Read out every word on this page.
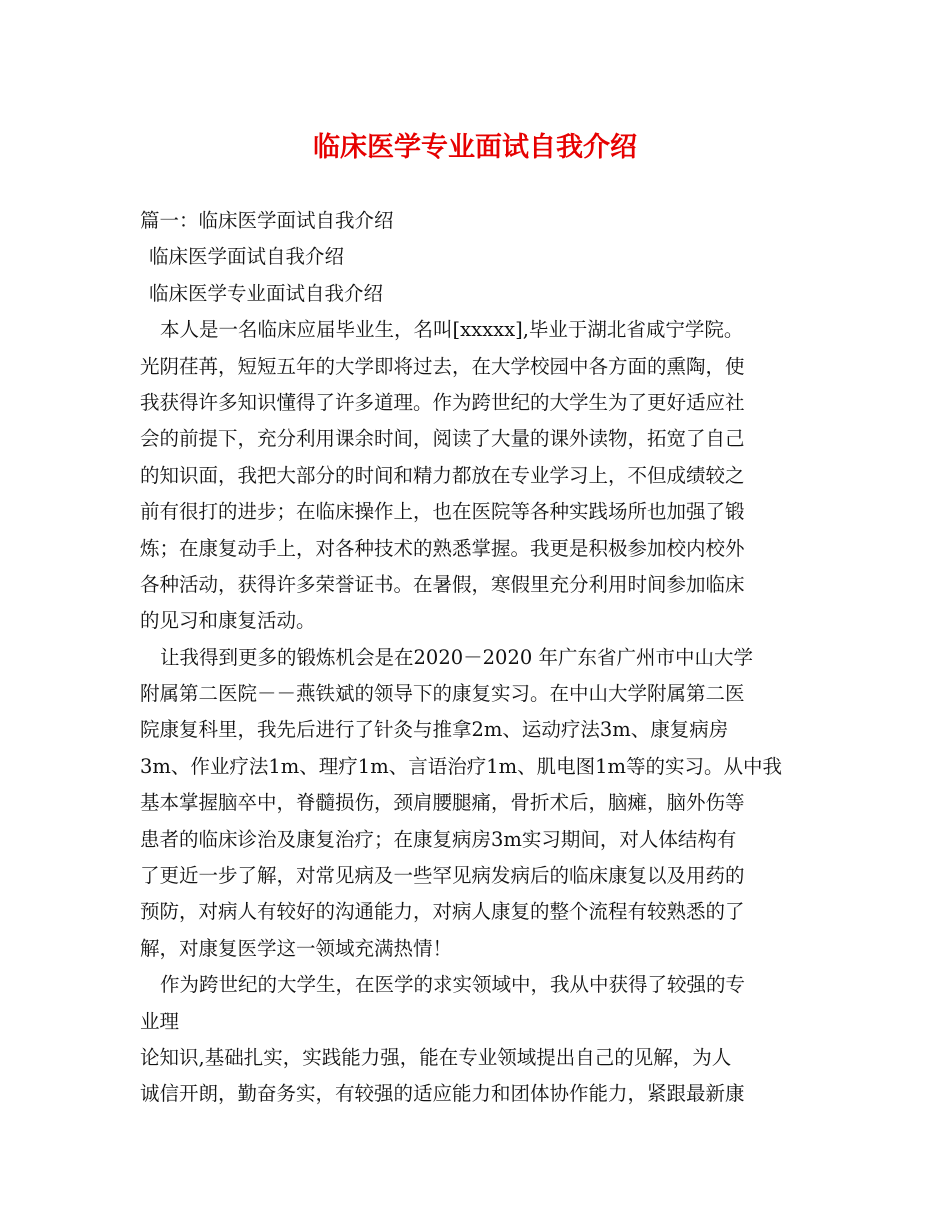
临床医学专业面试自我介绍

篇一：临床医学面试自我介绍

临床医学面试自我介绍

临床医学专业面试自我介绍

本人是一名临床应届毕业生，名叫[xxxxx],毕业于湖北省咸宁学院。

光阴荏苒，短短五年的大学即将过去，在大学校园中各方面的熏陶，使

我获得许多知识懂得了许多道理。作为跨世纪的大学生为了更好适应社

会的前提下，充分利用课余时间，阅读了大量的课外读物，拓宽了自己

的知识面，我把大部分的时间和精力都放在专业学习上，不但成绩较之

前有很打的进步；在临床操作上，也在医院等各种实践场所也加强了锻

炼；在康复动手上，对各种技术的熟悉掌握。我更是积极参加校内校外

各种活动，获得许多荣誉证书。在暑假，寒假里充分利用时间参加临床

的见习和康复活动。

让我得到更多的锻炼机会是在2020－2020 年广东省广州市中山大学

附属第二医院－－燕铁斌的领导下的康复实习。在中山大学附属第二医

院康复科里，我先后进行了针灸与推拿2m、运动疗法3m、康复病房

3m、作业疗法1m、理疗1m、言语治疗1m、肌电图1m等的实习。从中我

基本掌握脑卒中，脊髓损伤，颈肩腰腿痛，骨折术后，脑瘫，脑外伤等

患者的临床诊治及康复治疗；在康复病房3m实习期间，对人体结构有

了更近一步了解，对常见病及一些罕见病发病后的临床康复以及用药的

预防，对病人有较好的沟通能力，对病人康复的整个流程有较熟悉的了

解，对康复医学这一领域充满热情！

作为跨世纪的大学生，在医学的求实领域中，我从中获得了较强的专

业理

论知识,基础扎实，实践能力强，能在专业领域提出自己的见解，为人

诚信开朗，勤奋务实，有较强的适应能力和团体协作能力，紧跟最新康
